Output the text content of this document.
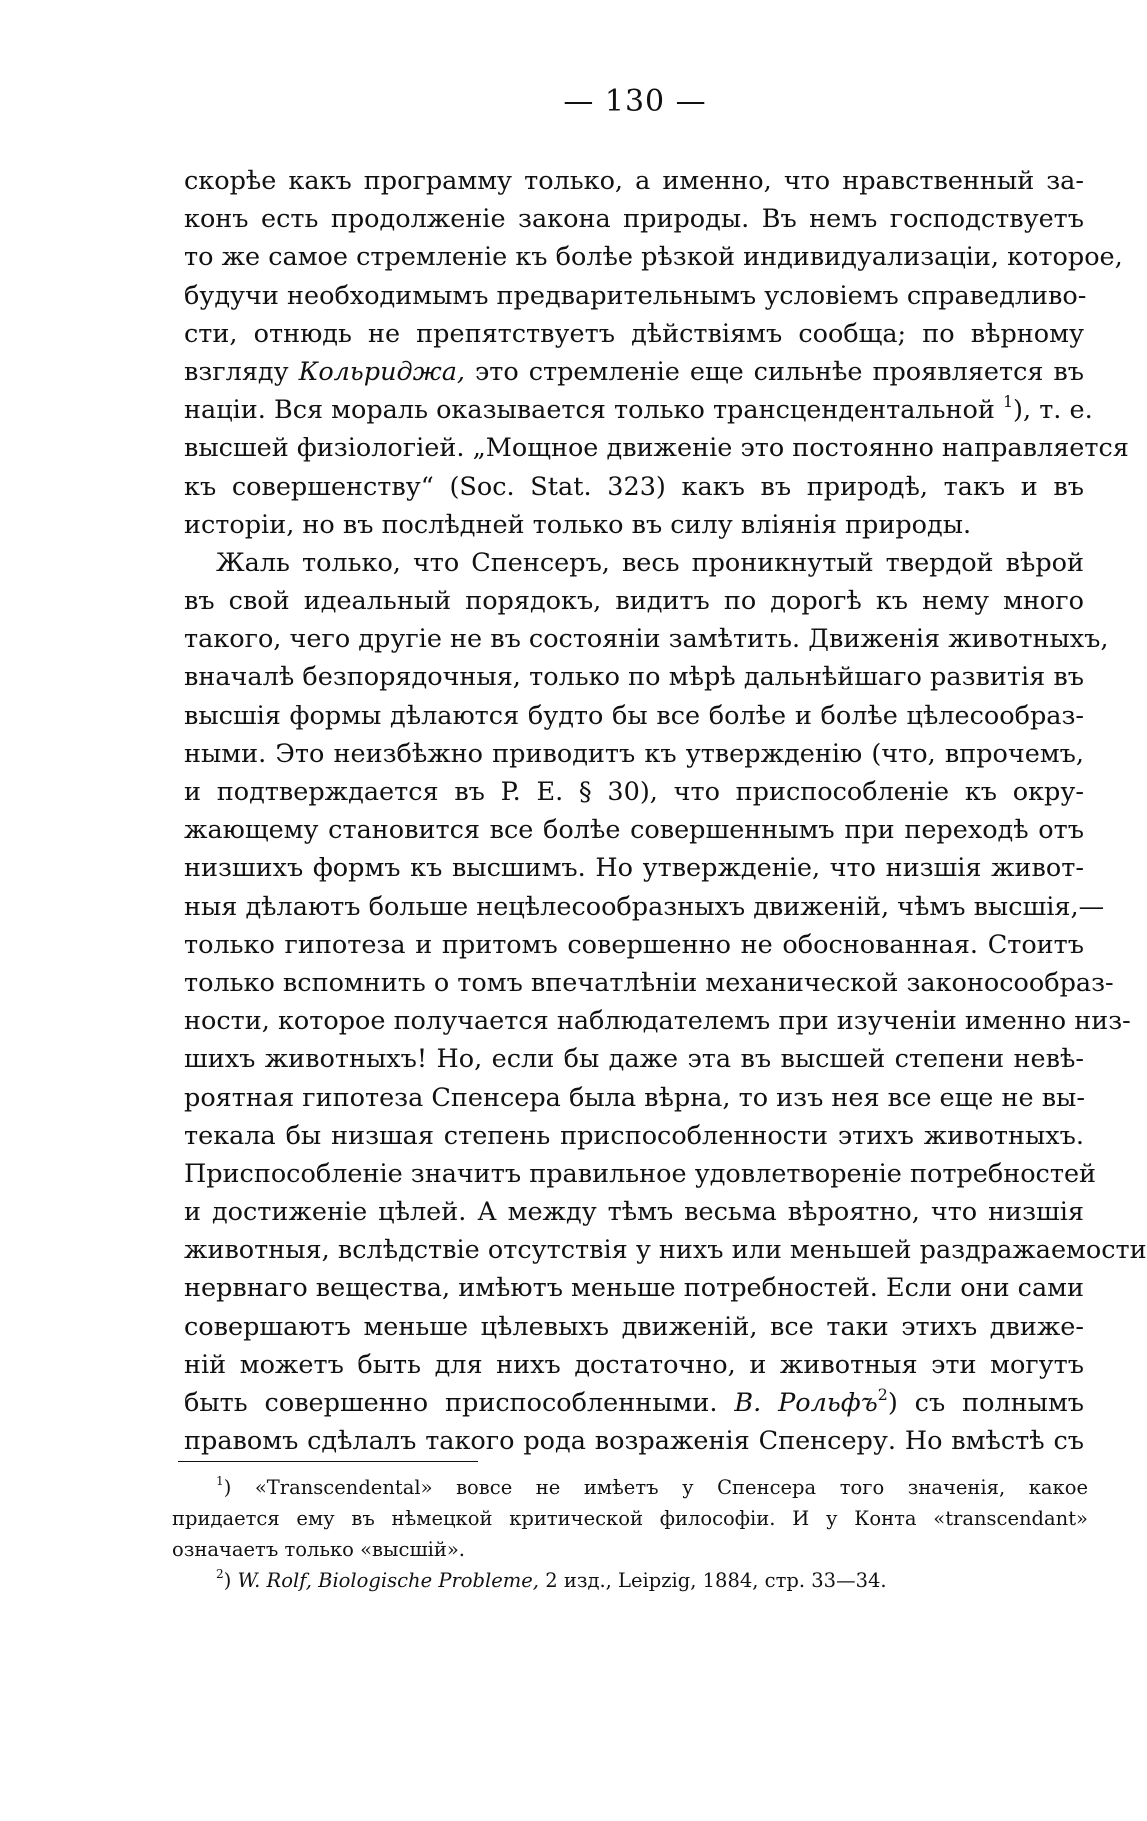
— 130 —
скорѣе какъ программу только, а именно, что нравственный за-
конъ есть продолженіе закона природы. Въ немъ господствуетъ
то же самое стремленіе къ болѣе рѣзкой индивидуализаціи, которое,
будучи необходимымъ предварительнымъ условіемъ справедливо-
сти, отнюдь не препятствуетъ дѣйствіямъ сообща; по вѣрному
взгляду Кольриджа, это стремленіе еще сильнѣе проявляется въ
націи. Вся мораль оказывается только трансцендентальной $^1$), т. е.
высшей физіологіей. „Мощное движеніе это постоянно направляется
къ совершенству“ (Soc. Stat. 323) какъ въ природѣ, такъ и въ
исторіи, но въ послѣдней только въ силу вліянія природы.
Жаль только, что Спенсеръ, весь проникнутый твердой вѣрой
въ свой идеальный порядокъ, видитъ по дорогѣ къ нему много
такого, чего другіе не въ состояніи замѣтить. Движенія животныхъ,
вначалѣ безпорядочныя, только по мѣрѣ дальнѣйшаго развитія въ
высшія формы дѣлаются будто бы все болѣе и болѣе цѣлесообраз-
ными. Это неизбѣжно приводитъ къ утвержденію (что, впрочемъ,
и подтверждается въ P. E. § 30), что приспособленіе къ окру-
жающему становится все болѣе совершеннымъ при переходѣ отъ
низшихъ формъ къ высшимъ. Но утвержденіе, что низшія живот-
ныя дѣлаютъ больше нецѣлесообразныхъ движеній, чѣмъ высшія,—
только гипотеза и притомъ совершенно не обоснованная. Стоитъ
только вспомнить о томъ впечатлѣніи механической законосообраз-
ности, которое получается наблюдателемъ при изученіи именно низ-
шихъ животныхъ! Но, если бы даже эта въ высшей степени невѣ-
роятная гипотеза Спенсера была вѣрна, то изъ нея все еще не вы-
текала бы низшая степень приспособленности этихъ животныхъ.
Приспособленіе значитъ правильное удовлетвореніе потребностей
и достиженіе цѣлей. А между тѣмъ весьма вѣроятно, что низшія
животныя, вслѣдствіе отсутствія у нихъ или меньшей раздражаемости
нервнаго вещества, имѣютъ меньше потребностей. Если они сами
совершаютъ меньше цѣлевыхъ движеній, все таки этихъ движе-
ній можетъ быть для нихъ достаточно, и животныя эти могутъ
быть совершенно приспособленными. В. Рольфъ$^2$) съ полнымъ
правомъ сдѣлалъ такого рода возраженія Спенсеру. Но вмѣстѣ съ
$^1$) «Transcendental» вовсе не имѣетъ у Спенсера того значенія, какое
придается ему въ нѣмецкой критической философіи. И у Конта «transcendant»
означаетъ только «высшій».
$^2$) W. Rolf, Biologische Probleme, 2 изд., Leipzig, 1884, стр. 33—34.
